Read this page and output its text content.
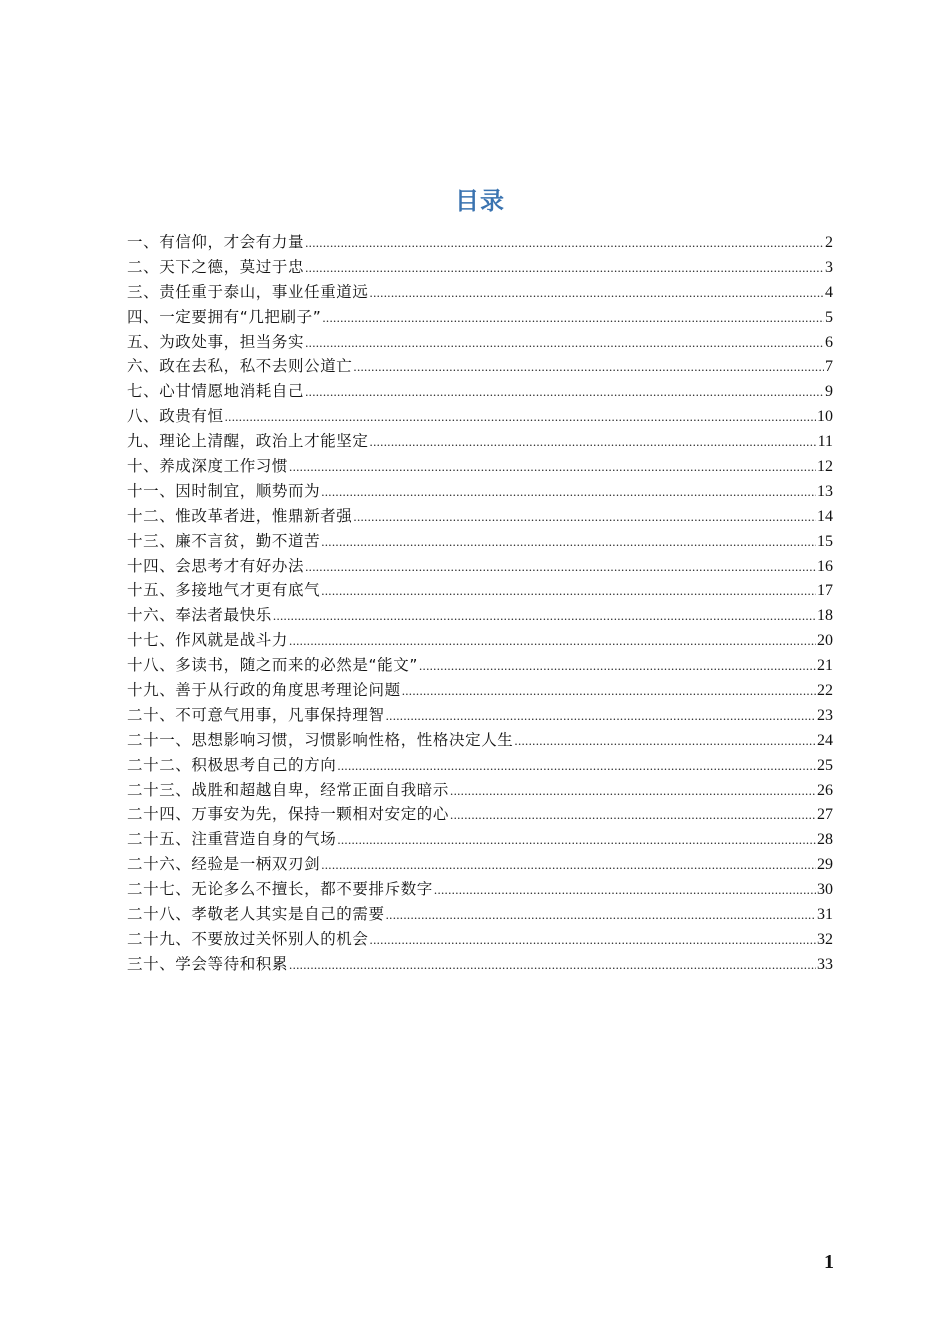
目录
一、有信仰，才会有力量 .....	2
二、天下之德，莫过于忠 .....	3
三、责任重于泰山，事业任重道远 .....	4
四、一定要拥有“几把刷子” .....	5
五、为政处事，担当务实 .....	6
六、政在去私，私不去则公道亡 .....	7
七、心甘情愿地消耗自己 .....	9
八、政贵有恒 .....	10
九、理论上清醒，政治上才能坚定 .....	11
十、养成深度工作习惯 .....	12
十一、因时制宜，顺势而为 .....	13
十二、惟改革者进，惟鼎新者强 .....	14
十三、廉不言贫，勤不道苦 .....	15
十四、会思考才有好办法 .....	16
十五、多接地气才更有底气 .....	17
十六、奉法者最快乐 .....	18
十七、作风就是战斗力 .....	20
十八、多读书，随之而来的必然是“能文” .....	21
十九、善于从行政的角度思考理论问题 .....	22
二十、不可意气用事，凡事保持理智 .....	23
二十一、思想影响习惯，习惯影响性格，性格决定人生 .....	24
二十二、积极思考自己的方向 .....	25
二十三、战胜和超越自卑，经常正面自我暗示 .....	26
二十四、万事安为先，保持一颗相对安定的心 .....	27
二十五、注重营造自身的气场 .....	28
二十六、经验是一柄双刃剑 .....	29
二十七、无论多么不擅长，都不要排斥数字 .....	30
二十八、孝敬老人其实是自己的需要 .....	31
二十九、不要放过关怀别人的机会 .....	32
三十、学会等待和积累 .....	33
1
